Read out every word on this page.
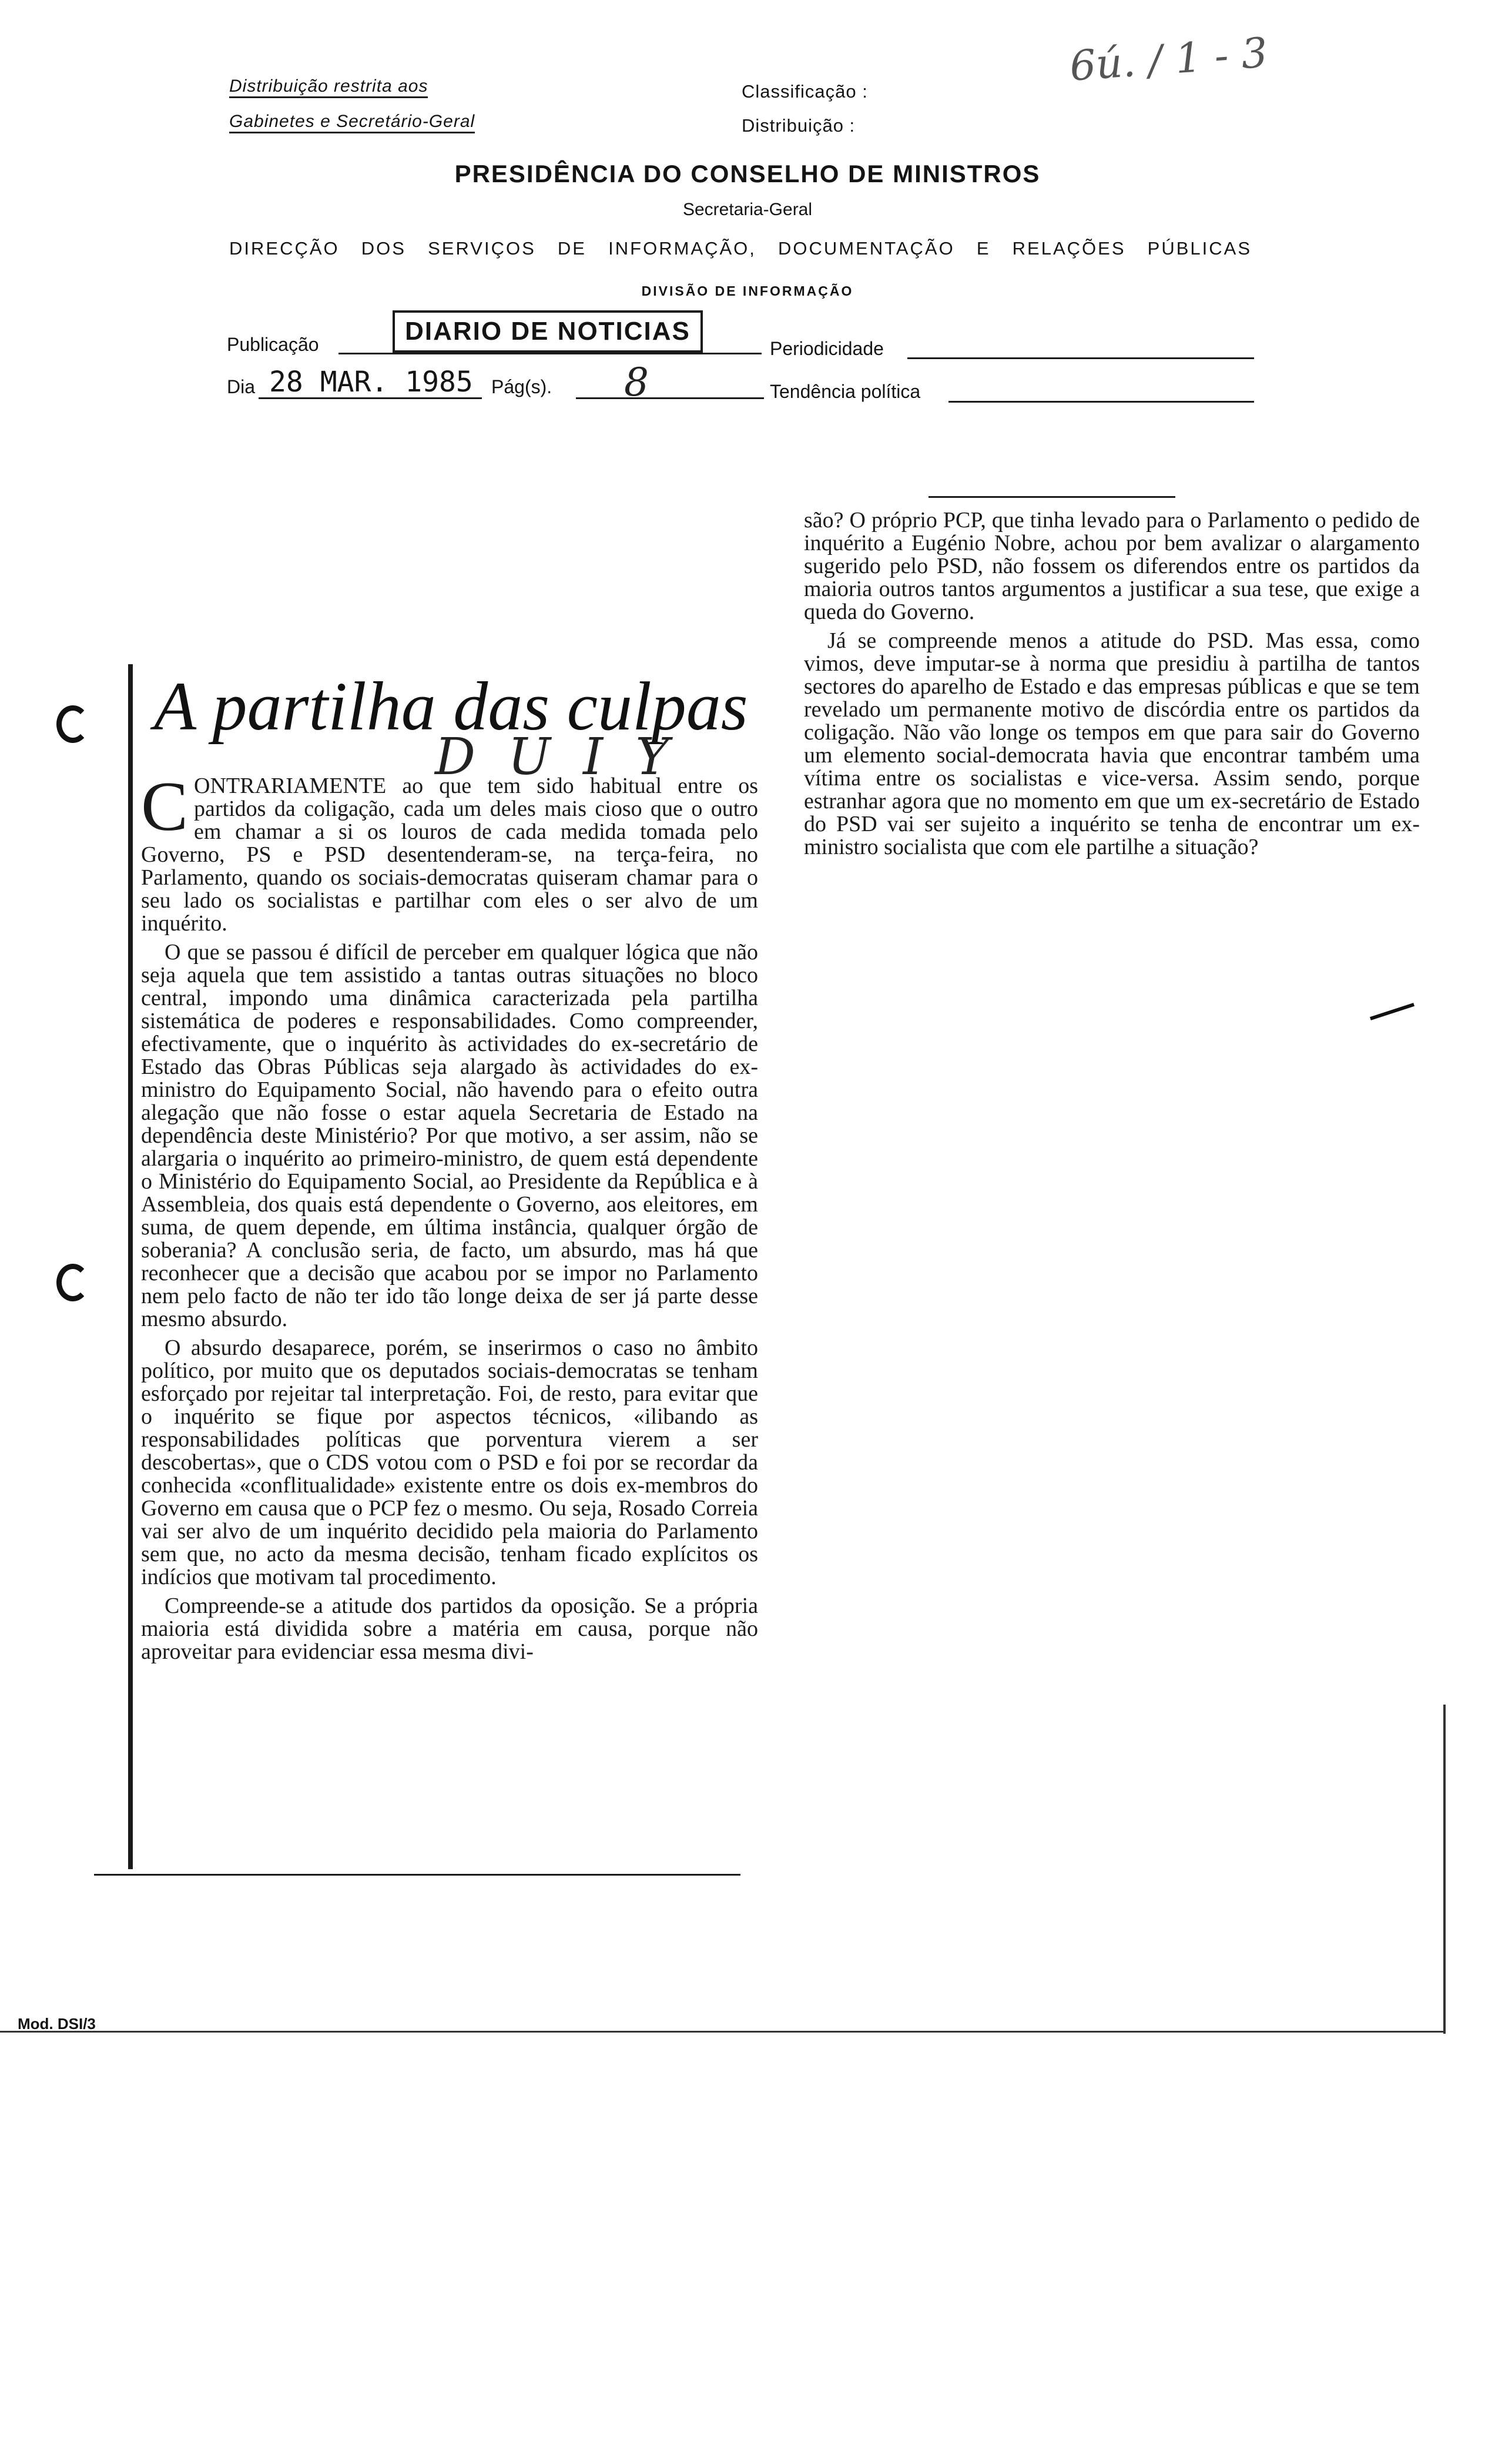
Distribuição restrita aos
Gabinetes e Secretário-Geral
Classificação :
Distribuição :
6ú. / 1 - 3
PRESIDÊNCIA DO CONSELHO DE MINISTROS
Secretaria-Geral
DIRECÇÃO DOS SERVIÇOS DE INFORMAÇÃO, DOCUMENTAÇÃO E RELAÇÕES PÚBLICAS
DIVISÃO DE INFORMAÇÃO
Publicação	DIARIO DE NOTICIAS
Periodicidade
Dia 28 MAR. 1985 Pág(s). 8	Tendência política
A partilha das culpas
D U I Y

CONTRARIAMENTE ao que tem sido habitual entre os partidos da coligação, cada um deles mais cioso que o outro em chamar a si os louros de cada medida tomada pelo Governo, PS e PSD desentenderam-se, na terça-feira, no Parlamento, quando os sociais-democratas quiseram chamar para o seu lado os socialistas e partilhar com eles o ser alvo de um inquérito.

O que se passou é difícil de perceber em qualquer lógica que não seja aquela que tem assistido a tantas outras situações no bloco central, impondo uma dinâmica caracterizada pela partilha sistemática de poderes e responsabilidades. Como compreender, efectivamente, que o inquérito às actividades do ex-secretário de Estado das Obras Públicas seja alargado às actividades do ex-ministro do Equipamento Social, não havendo para o efeito outra alegação que não fosse o estar aquela Secretaria de Estado na dependência deste Ministério? Por que motivo, a ser assim, não se alargaria o inquérito ao primeiro-ministro, de quem está dependente o Ministério do Equipamento Social, ao Presidente da República e à Assembleia, dos quais está dependente o Governo, aos eleitores, em suma, de quem depende, em última instância, qualquer órgão de soberania? A conclusão seria, de facto, um absurdo, mas há que reconhecer que a decisão que acabou por se impor no Parlamento nem pelo facto de não ter ido tão longe deixa de ser já parte desse mesmo absurdo.

O absurdo desaparece, porém, se inserirmos o caso no âmbito político, por muito que os deputados sociais-democratas se tenham esforçado por rejeitar tal interpretação. Foi, de resto, para evitar que o inquérito se fique por aspectos técnicos, «ilibando as responsabilidades políticas que porventura vierem a ser descobertas», que o CDS votou com o PSD e foi por se recordar da conhecida «conflitualidade» existente entre os dois ex-membros do Governo em causa que o PCP fez o mesmo. Ou seja, Rosado Correia vai ser alvo de um inquérito decidido pela maioria do Parlamento sem que, no acto da mesma decisão, tenham ficado explícitos os indícios que motivam tal procedimento.

Compreende-se a atitude dos partidos da oposição. Se a própria maioria está dividida sobre a matéria em causa, porque não aproveitar para evidenciar essa mesma divi-

são? O próprio PCP, que tinha levado para o Parlamento o pedido de inquérito a Eugénio Nobre, achou por bem avalizar o alargamento sugerido pelo PSD, não fossem os diferendos entre os partidos da maioria outros tantos argumentos a justificar a sua tese, que exige a queda do Governo.

Já se compreende menos a atitude do PSD. Mas essa, como vimos, deve imputar-se à norma que presidiu à partilha de tantos sectores do aparelho de Estado e das empresas públicas e que se tem revelado um permanente motivo de discórdia entre os partidos da coligação. Não vão longe os tempos em que para sair do Governo um elemento social-democrata havia que encontrar também uma vítima entre os socialistas e vice-versa. Assim sendo, porque estranhar agora que no momento em que um ex-secretário de Estado do PSD vai ser sujeito a inquérito se tenha de encontrar um ex-ministro socialista que com ele partilhe a situação?

Mod. DSI/3
